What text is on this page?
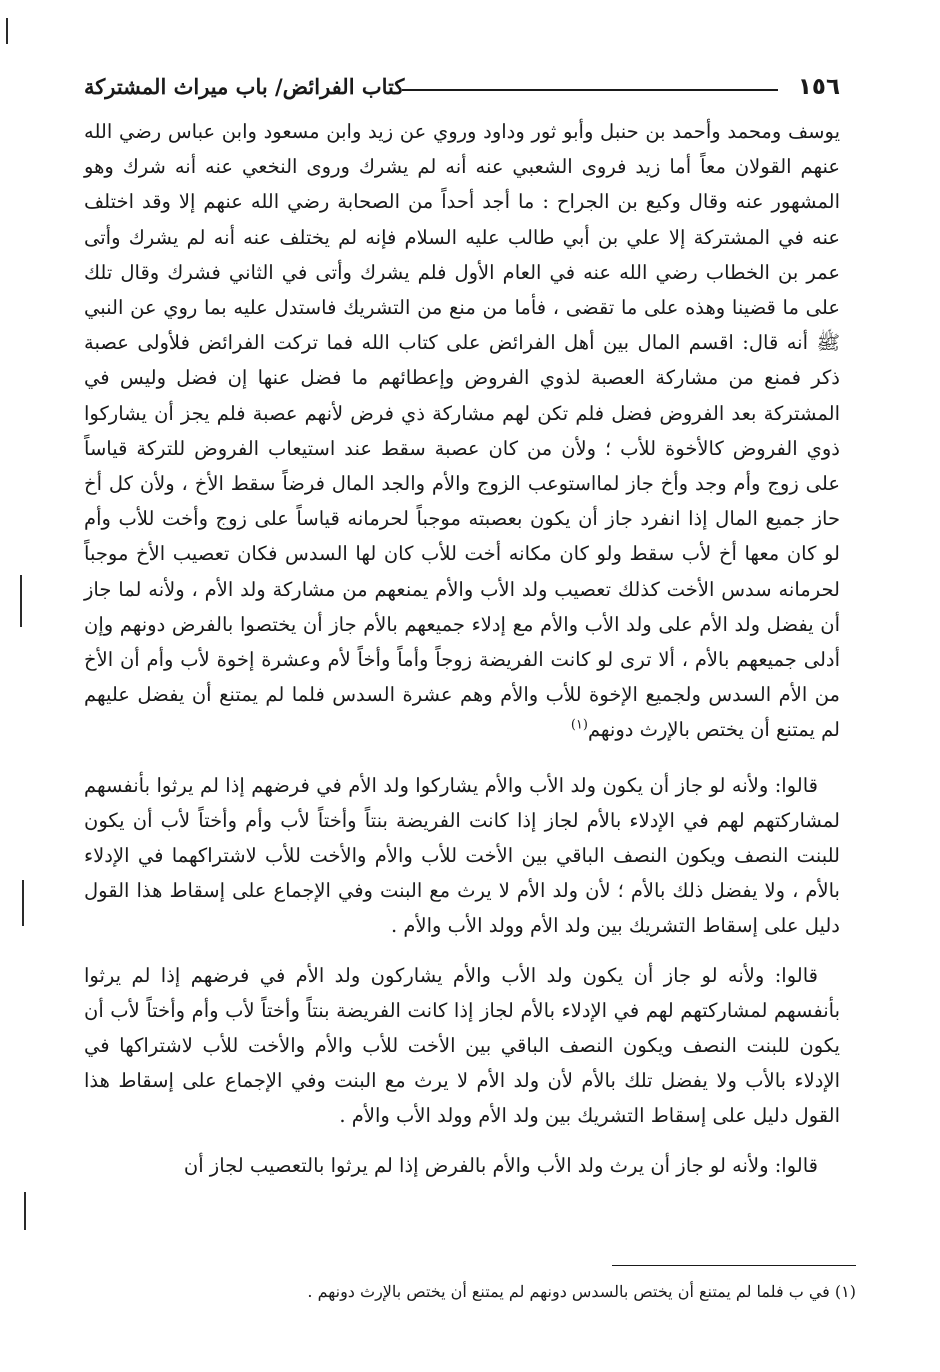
١٥٦
كتاب الفرائض/ باب ميراث المشتركة

يوسف ومحمد وأحمد بن حنبل وأبو ثور وداود وروي عن زيد وابن مسعود وابن عباس رضي الله عنهم القولان معاً أما زيد فروى الشعبي عنه أنه لم يشرك وروى النخعي عنه أنه شرك وهو المشهور عنه وقال وكيع بن الجراح : ما أجد أحداً من الصحابة رضي الله عنهم إلا وقد اختلف عنه في المشتركة إلا علي بن أبي طالب عليه السلام فإنه لم يختلف عنه أنه لم يشرك وأتى عمر بن الخطاب رضي الله عنه في العام الأول فلم يشرك وأتى في الثاني فشرك وقال تلك على ما قضينا وهذه على ما تقضى ، فأما من منع من التشريك فاستدل عليه بما روي عن النبي ﷺ أنه قال: اقسم المال بين أهل الفرائض على كتاب الله فما تركت الفرائض فلأولى عصبة ذكر فمنع من مشاركة العصبة لذوي الفروض وإعطائهم ما فضل عنها إن فضل وليس في المشتركة بعد الفروض فضل فلم تكن لهم مشاركة ذي فرض لأنهم عصبة فلم يجز أن يشاركوا ذوي الفروض كالأخوة للأب ؛ ولأن من كان عصبة سقط عند استيعاب الفروض للتركة قياساً على زوج وأم وجد وأخ جاز لمااستوعب الزوج والأم والجد المال فرضاً سقط الأخ ، ولأن كل أخ حاز جميع المال إذا انفرد جاز أن يكون بعصبته موجباً لحرمانه قياساً على زوج وأخت للأب وأم لو كان معها أخ لأب سقط ولو كان مكانه أخت للأب كان لها السدس فكان تعصيب الأخ موجباً لحرمانه سدس الأخت كذلك تعصيب ولد الأب والأم يمنعهم من مشاركة ولد الأم ، ولأنه لما جاز أن يفضل ولد الأم على ولد الأب والأم مع إدلاء جميعهم بالأم جاز أن يختصوا بالفرض دونهم وإن أدلى جميعهم بالأم ، ألا ترى لو كانت الفريضة زوجاً وأماً وأخاً لأم وعشرة إخوة لأب وأم أن الأخ من الأم السدس ولجميع الإخوة للأب والأم وهم عشرة السدس فلما لم يمتنع أن يفضل عليهم لم يمتنع أن يختص بالإرث دونهم$^{(١)}$

قالوا: ولأنه لو جاز أن يكون ولد الأب والأم يشاركوا ولد الأم في فرضهم إذا لم يرثوا بأنفسهم لمشاركتهم لهم في الإدلاء بالأم لجاز إذا كانت الفريضة بنتاً وأختاً لأب وأم وأختاً لأب أن يكون للبنت النصف ويكون النصف الباقي بين الأخت للأب والأم والأخت للأب لاشتراكهما في الإدلاء بالأم ، ولا يفضل ذلك بالأم ؛ لأن ولد الأم لا يرث مع البنت وفي الإجماع على إسقاط هذا القول دليل على إسقاط التشريك بين ولد الأم وولد الأب والأم .

قالوا: ولأنه لو جاز أن يكون ولد الأب والأم يشاركون ولد الأم في فرضهم إذا لم يرثوا بأنفسهم لمشاركتهم لهم في الإدلاء بالأم لجاز إذا كانت الفريضة بنتاً وأختاً لأب وأم وأختاً لأب أن يكون للبنت النصف ويكون النصف الباقي بين الأخت للأب والأم والأخت للأب لاشتراكها في الإدلاء بالأب ولا يفضل تلك بالأم لأن ولد الأم لا يرث مع البنت وفي الإجماع على إسقاط هذا القول دليل على إسقاط التشريك بين ولد الأم وولد الأب والأم .

قالوا: ولأنه لو جاز أن يرث ولد الأب والأم بالفرض إذا لم يرثوا بالتعصيب لجاز أن

(١) في ب فلما لم يمتنع أن يختص بالسدس دونهم لم يمتنع أن يختص بالإرث دونهم .
